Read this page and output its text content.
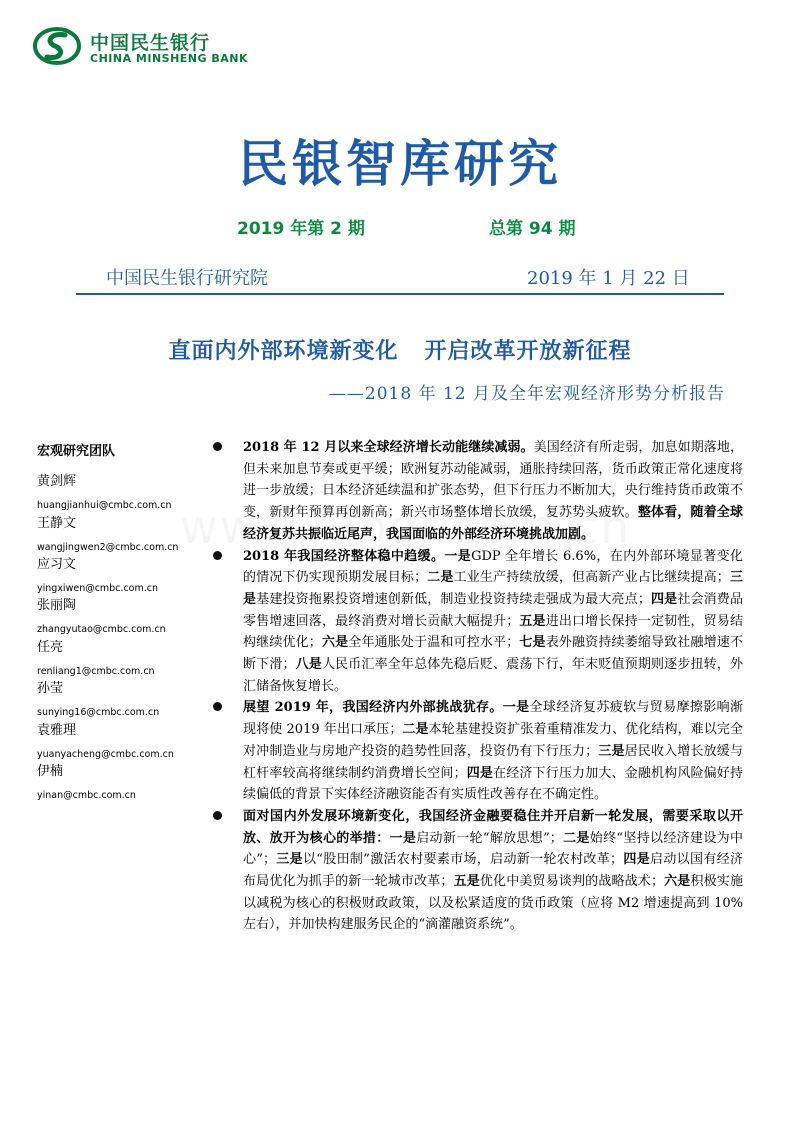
中国民生银行
CHINA MINSHENG BANK
民银智库研究
2019 年第 2 期	总第 94 期
中国民生银行研究院	2019 年 1 月 22 日
直面内外部环境新变化 开启改革开放新征程
——2018 年 12 月及全年宏观经济形势分析报告
宏观研究团队
黄剑辉
huangjianhui@cmbc.com.cn
王静文
wangjingwen2@cmbc.com.cn
应习文
yingxiwen@cmbc.com.cn
张丽陶
zhangyutao@cmbc.com.cn
任亮
renliang1@cmbc.com.cn
孙莹
sunying16@cmbc.com.cn
袁雅理
yuanyacheng@cmbc.com.cn
伊楠
yinan@cmbc.com.cn
2018 年 12 月以来全球经济增长动能继续减弱。美国经济有所走弱，加息如期落地，但未来加息节奏或更平缓；欧洲复苏动能减弱，通胀持续回落，货币政策正常化速度将进一步放缓；日本经济延续温和扩张态势，但下行压力不断加大，央行维持货币政策不变，新财年预算再创新高；新兴市场整体增长放缓，复苏势头疲软。整体看，随着全球经济复苏共振临近尾声，我国面临的外部经济环境挑战加剧。
2018 年我国经济整体稳中趋缓。一是GDP 全年增长 6.6%，在内外部环境显著变化的情况下仍实现预期发展目标；二是工业生产持续放缓，但高新产业占比继续提高；三是基建投资拖累投资增速创新低，制造业投资持续走强成为最大亮点；四是社会消费品零售增速回落，最终消费对增长贡献大幅提升；五是进出口增长保持一定韧性，贸易结构继续优化；六是全年通胀处于温和可控水平；七是表外融资持续萎缩导致社融增速不断下滑；八是人民币汇率全年总体先稳后贬、震荡下行，年末贬值预期则逐步扭转，外汇储备恢复增长。
展望 2019 年，我国经济内外部挑战犹存。一是全球经济复苏疲软与贸易摩擦影响渐现将使 2019 年出口承压；二是本轮基建投资扩张着重精准发力、优化结构，难以完全对冲制造业与房地产投资的趋势性回落，投资仍有下行压力；三是居民收入增长放缓与杠杆率较高将继续制约消费增长空间；四是在经济下行压力加大、金融机构风险偏好持续偏低的背景下实体经济融资能否有实质性改善存在不确定性。
面对国内外发展环境新变化，我国经济金融要稳住并开启新一轮发展，需要采取以开放、放开为核心的举措：一是启动新一轮“解放思想”；二是始终“坚持以经济建设为中心”；三是以“股田制”激活农村要素市场，启动新一轮农村改革；四是启动以国有经济布局优化为抓手的新一轮城市改革；五是优化中美贸易谈判的战略战术；六是积极实施以减税为核心的积极财政政策，以及松紧适度的货币政策（应将 M2 增速提高到 10%左右），并加快构建服务民企的“滴灌融资系统”。
